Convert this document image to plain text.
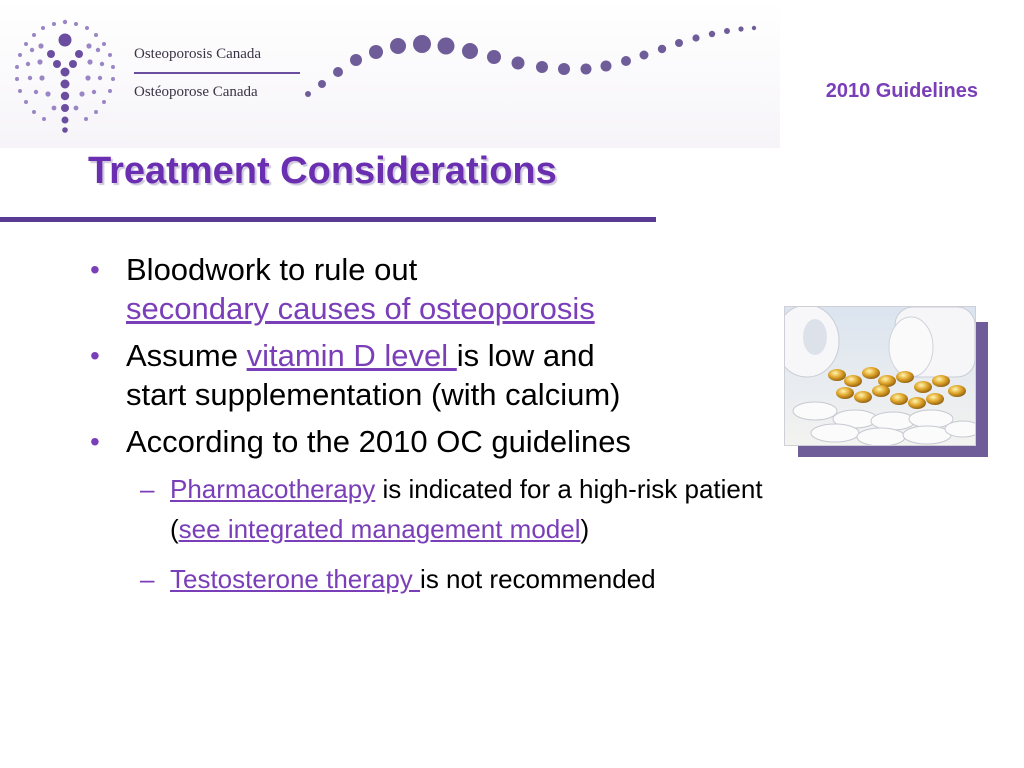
Osteoporosis Canada
Ostéoporose Canada	2010 Guidelines
Treatment Considerations
• Bloodwork to rule out
secondary causes of osteoporosis
• Assume vitamin D level is low and
start supplementation (with calcium)
• According to the 2010 OC guidelines
– Pharmacotherapy is indicated for a high-risk patient
(see integrated management model)
– Testosterone therapy is not recommended
